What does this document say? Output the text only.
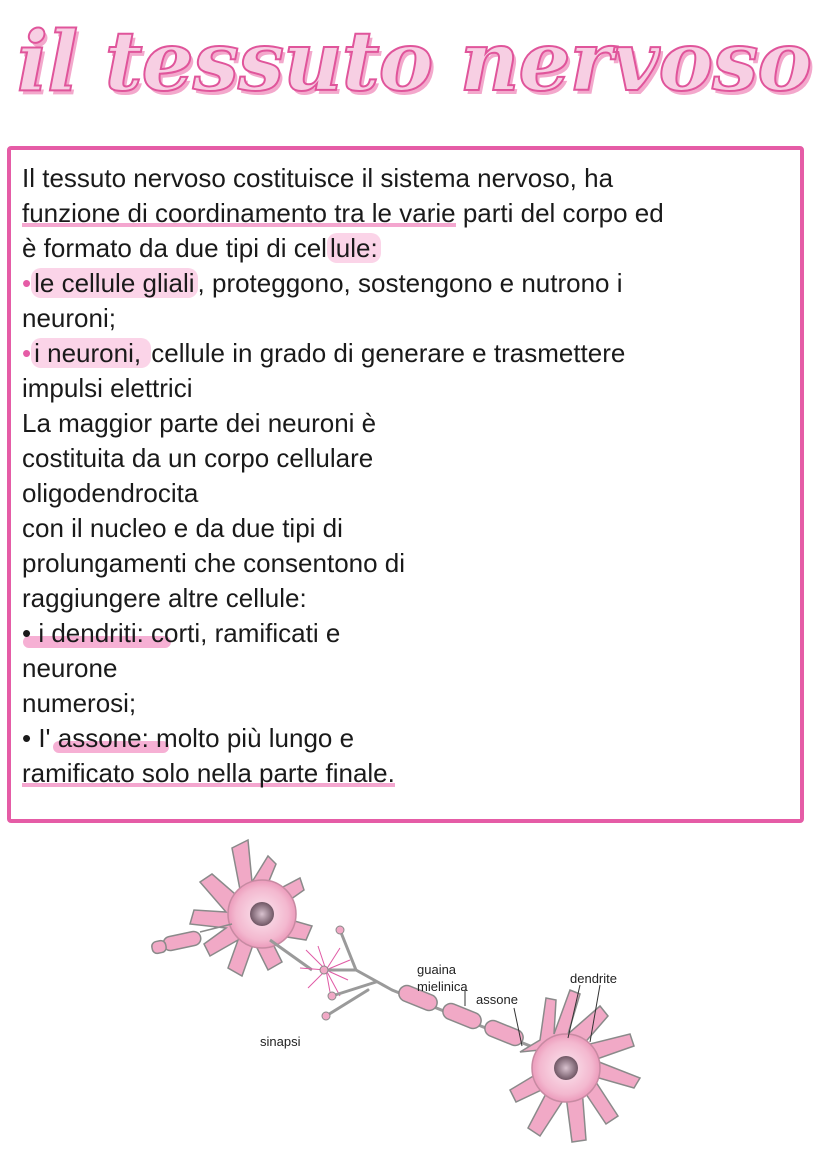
il tessuto nervoso

Il tessuto nervoso costituisce il sistema nervoso, ha

funzione di coordinamento tra le varie parti del corpo ed

è formato da due tipi di cel lule:

• le cellule gliali , proteggono, sostengono e nutrono i

neuroni;

• i neuroni, cellule in grado di generare e trasmettere

impulsi elettrici

La maggior parte dei neuroni è

costituita da un corpo cellulare

oligodendrocita

con il nucleo e da due tipi di

prolungamenti che consentono di

raggiungere altre cellule:

• i dendriti: corti, ramificati e

neurone

numerosi;

• I' assone: molto più lungo e

ramificato solo nella parte finale.

guaina
mielinica
assone
dendrite
sinapsi
